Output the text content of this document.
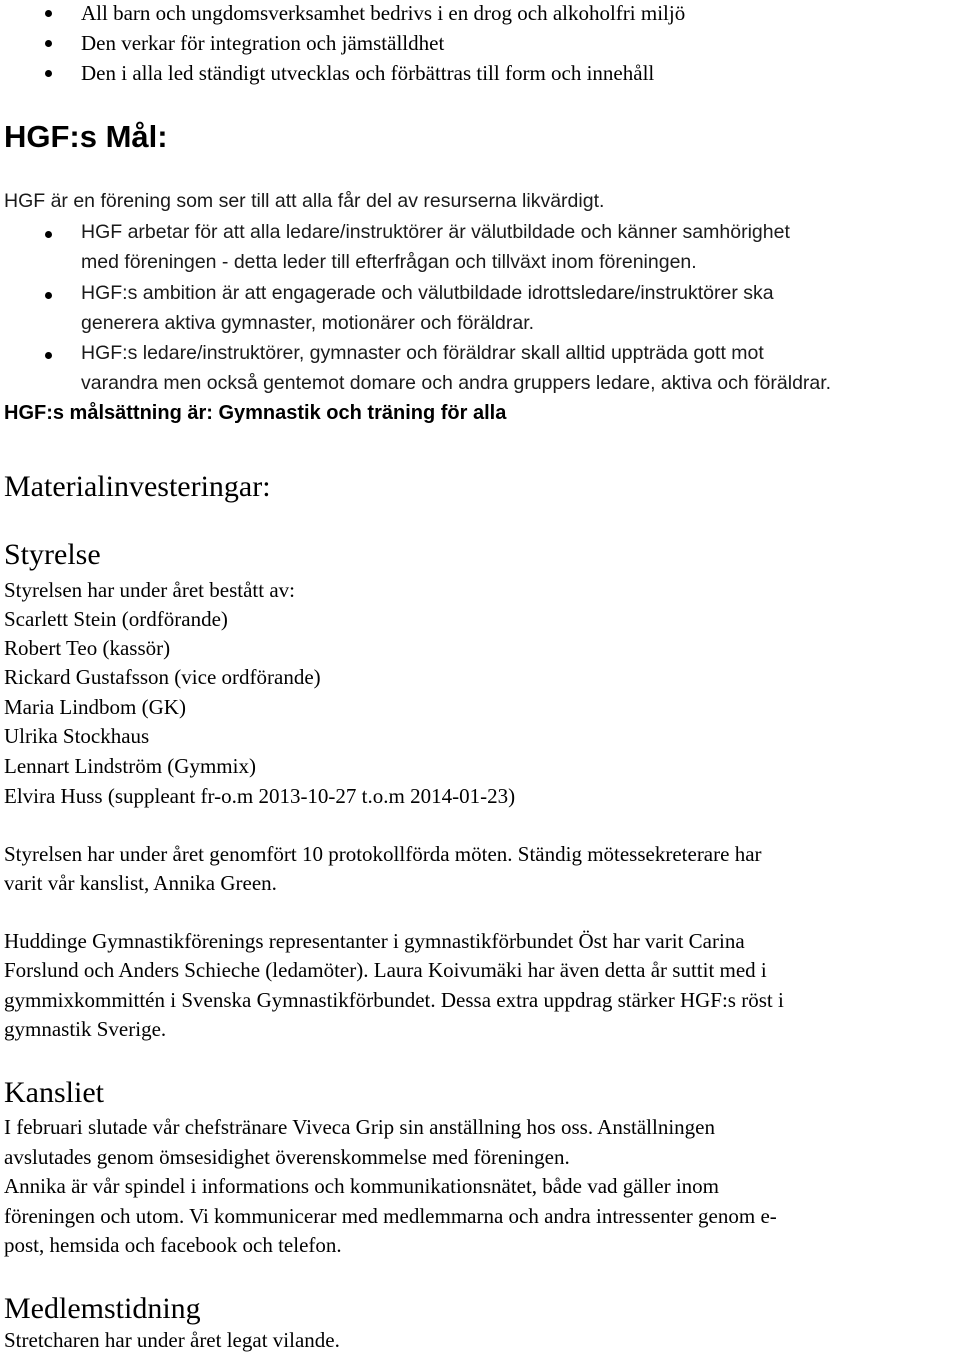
All barn och ungdomsverksamhet bedrivs i en drog och alkoholfri miljö
Den verkar för integration och jämställdhet
Den i alla led ständigt utvecklas och förbättras till form och innehåll
HGF:s Mål:
HGF är en förening som ser till att alla får del av resurserna likvärdigt.
HGF arbetar för att alla ledare/instruktörer är välutbildade och känner samhörighet
med föreningen - detta leder till efterfrågan och tillväxt inom föreningen.
HGF:s ambition är att engagerade och välutbildade idrottsledare/instruktörer ska
generera aktiva gymnaster, motionärer och föräldrar.
HGF:s ledare/instruktörer, gymnaster och föräldrar skall alltid uppträda gott mot
varandra men också gentemot domare och andra gruppers ledare, aktiva och föräldrar.
HGF:s målsättning är: Gymnastik och träning för alla
Materialinvesteringar:
Styrelse
Styrelsen har under året bestått av:
Scarlett Stein (ordförande)
Robert Teo (kassör)
Rickard Gustafsson (vice ordförande)
Maria Lindbom (GK)
Ulrika Stockhaus
Lennart Lindström (Gymmix)
Elvira Huss (suppleant fr-o.m 2013-10-27 t.o.m 2014-01-23)
Styrelsen har under året genomfört 10 protokollförda möten. Ständig mötessekreterare har
varit vår kanslist, Annika Green.
Huddinge Gymnastikförenings representanter i gymnastikförbundet Öst har varit Carina
Forslund och Anders Schieche (ledamöter). Laura Koivumäki har även detta år suttit med i
gymmixkommittén i Svenska Gymnastikförbundet. Dessa extra uppdrag stärker HGF:s röst i
gymnastik Sverige.
Kansliet
I februari slutade vår chefstränare Viveca Grip sin anställning hos oss. Anställningen
avslutades genom ömsesidighet överenskommelse med föreningen.
Annika är vår spindel i informations och kommunikationsnätet, både vad gäller inom
föreningen och utom. Vi kommunicerar med medlemmarna och andra intressenter genom e-
post, hemsida och facebook och telefon.
Medlemstidning
Stretcharen har under året legat vilande.
